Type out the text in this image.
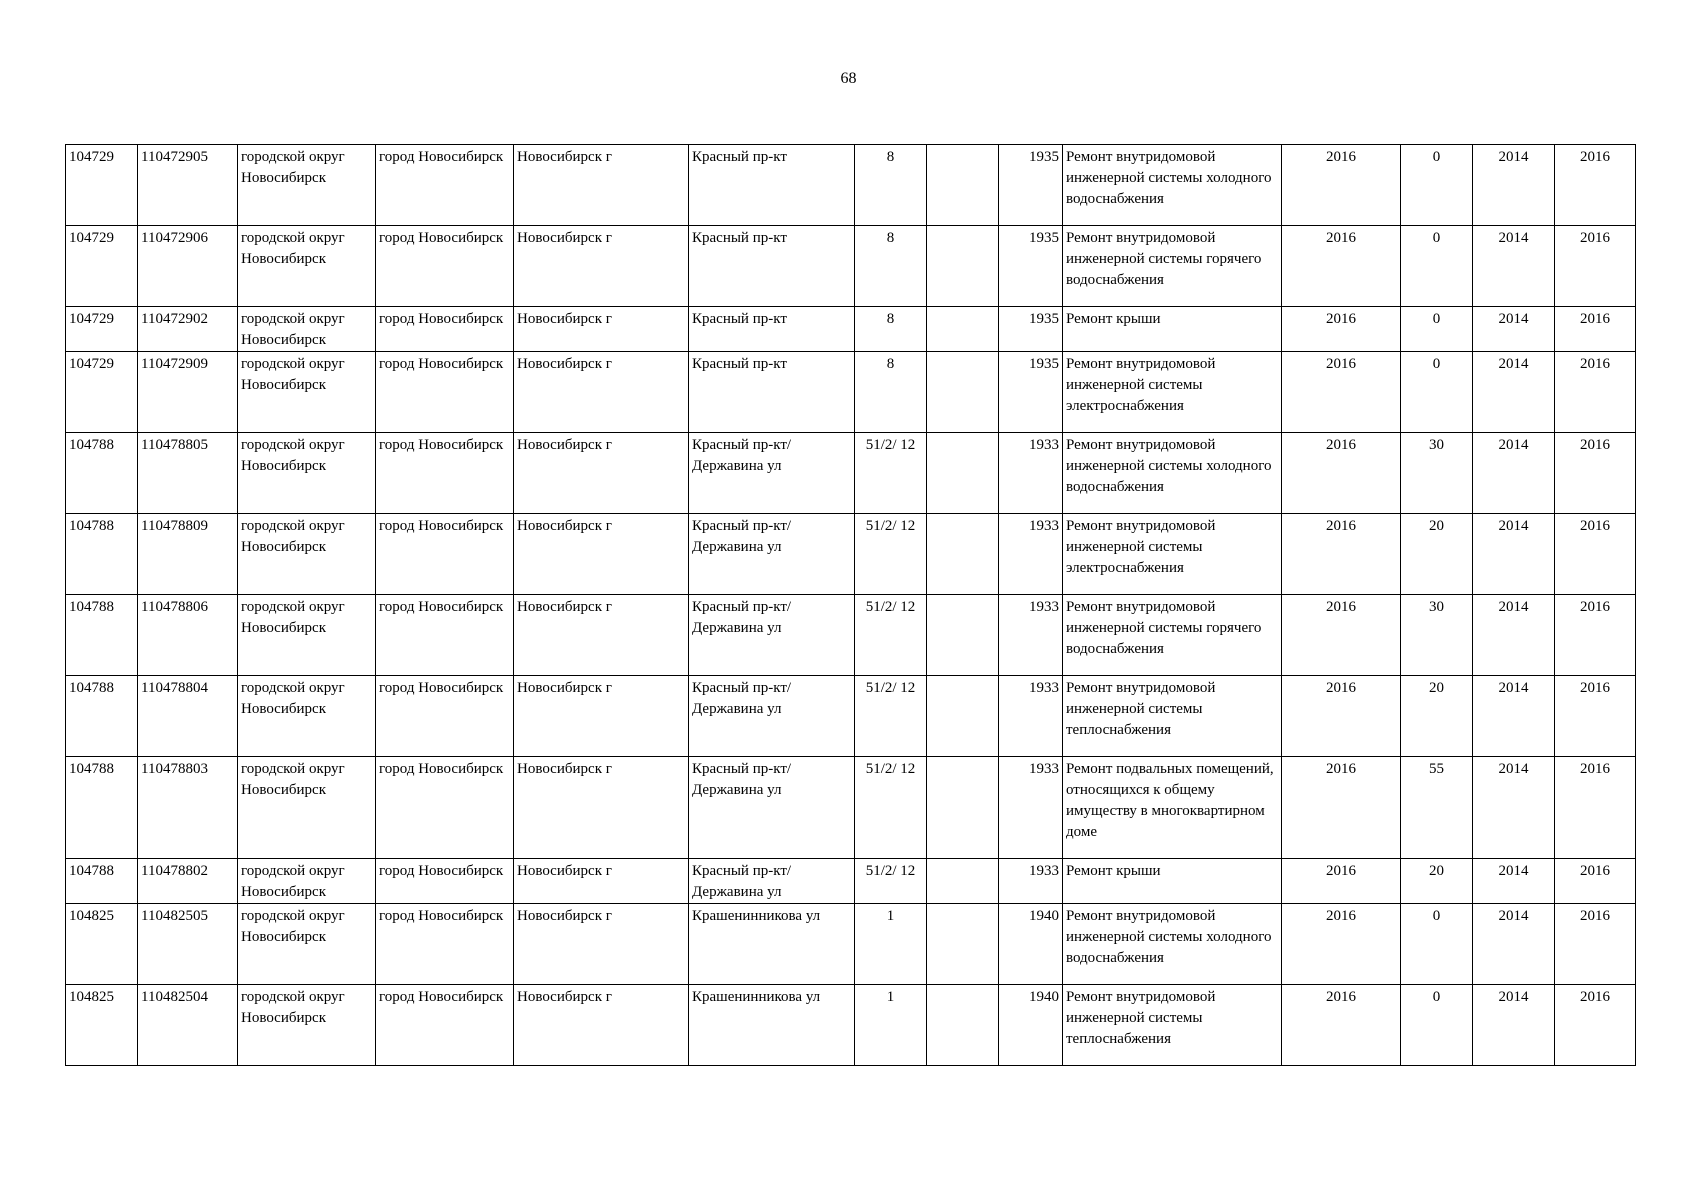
68
104729	110472905	городской округ Новосибирск	город Новосибирск	Новосибирск г	Красный пр-кт	8		1935	Ремонт внутридомовой инженерной системы холодного водоснабжения	2016	0	2014	2016
104729	110472906	городской округ Новосибирск	город Новосибирск	Новосибирск г	Красный пр-кт	8		1935	Ремонт внутридомовой инженерной системы горячего водоснабжения	2016	0	2014	2016
104729	110472902	городской округ Новосибирск	город Новосибирск	Новосибирск г	Красный пр-кт	8		1935	Ремонт крыши	2016	0	2014	2016
104729	110472909	городской округ Новосибирск	город Новосибирск	Новосибирск г	Красный пр-кт	8		1935	Ремонт внутридомовой инженерной системы электроснабжения	2016	0	2014	2016
104788	110478805	городской округ Новосибирск	город Новосибирск	Новосибирск г	Красный пр-кт/ Державина ул	51/2/ 12		1933	Ремонт внутридомовой инженерной системы холодного водоснабжения	2016	30	2014	2016
104788	110478809	городской округ Новосибирск	город Новосибирск	Новосибирск г	Красный пр-кт/ Державина ул	51/2/ 12		1933	Ремонт внутридомовой инженерной системы электроснабжения	2016	20	2014	2016
104788	110478806	городской округ Новосибирск	город Новосибирск	Новосибирск г	Красный пр-кт/ Державина ул	51/2/ 12		1933	Ремонт внутридомовой инженерной системы горячего водоснабжения	2016	30	2014	2016
104788	110478804	городской округ Новосибирск	город Новосибирск	Новосибирск г	Красный пр-кт/ Державина ул	51/2/ 12		1933	Ремонт внутридомовой инженерной системы теплоснабжения	2016	20	2014	2016
104788	110478803	городской округ Новосибирск	город Новосибирск	Новосибирск г	Красный пр-кт/ Державина ул	51/2/ 12		1933	Ремонт подвальных помещений, относящихся к общему имуществу в многоквартирном доме	2016	55	2014	2016
104788	110478802	городской округ Новосибирск	город Новосибирск	Новосибирск г	Красный пр-кт/ Державина ул	51/2/ 12		1933	Ремонт крыши	2016	20	2014	2016
104825	110482505	городской округ Новосибирск	город Новосибирск	Новосибирск г	Крашенинникова ул	1		1940	Ремонт внутридомовой инженерной системы холодного водоснабжения	2016	0	2014	2016
104825	110482504	городской округ Новосибирск	город Новосибирск	Новосибирск г	Крашенинникова ул	1		1940	Ремонт внутридомовой инженерной системы теплоснабжения	2016	0	2014	2016
